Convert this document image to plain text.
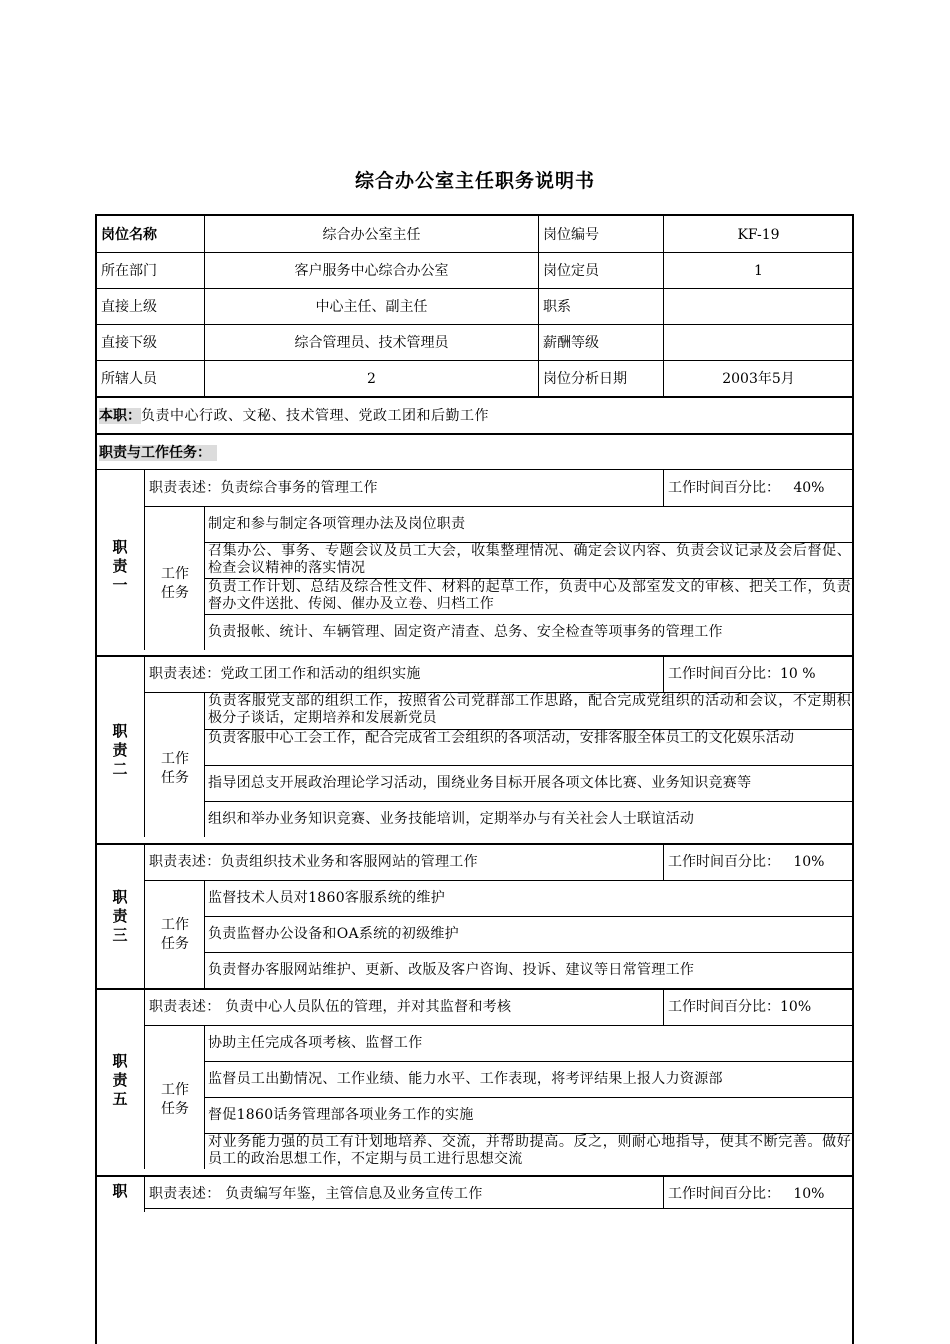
综合办公室主任职务说明书
岗位名称	综合办公室主任	岗位编号	KF-19
所在部门	客户服务中心综合办公室	岗位定员	1
直接上级	中心主任、副主任	职系
直接下级	综合管理员、技术管理员	薪酬等级
所辖人员	2	岗位分析日期	2003年5月
本职：负责中心行政、文秘、技术管理、党政工团和后勤工作
职责与工作任务：
职
责
一
职责表述：负责综合事务的管理工作	工作时间百分比：   40%
工作
任务
制定和参与制定各项管理办法及岗位职责
召集办公、事务、专题会议及员工大会，收集整理情况、确定会议内容、负责会议记录及会后督促、检查会议精神的落实情况
负责工作计划、总结及综合性文件、材料的起草工作，负责中心及部室发文的审核、把关工作，负责督办文件送批、传阅、催办及立卷、归档工作
负责报帐、统计、车辆管理、固定资产清查、总务、安全检查等项事务的管理工作
职
责
二
职责表述：党政工团工作和活动的组织实施	工作时间百分比：10 %
工作
任务
负责客服党支部的组织工作，按照省公司党群部工作思路，配合完成党组织的活动和会议，不定期积极分子谈话，定期培养和发展新党员
负责客服中心工会工作，配合完成省工会组织的各项活动，安排客服全体员工的文化娱乐活动
指导团总支开展政治理论学习活动，围绕业务目标开展各项文体比赛、业务知识竞赛等
组织和举办业务知识竞赛、业务技能培训，定期举办与有关社会人士联谊活动
职
责
三
职责表述：负责组织技术业务和客服网站的管理工作	工作时间百分比：   10%
工作
任务
监督技术人员对1860客服系统的维护
负责监督办公设备和OA系统的初级维护
负责督办客服网站维护、更新、改版及客户咨询、投诉、建议等日常管理工作
职
责
五
职责表述： 负责中心人员队伍的管理，并对其监督和考核	工作时间百分比：10%
工作
任务
协助主任完成各项考核、监督工作
监督员工出勤情况、工作业绩、能力水平、工作表现，将考评结果上报人力资源部
督促1860话务管理部各项业务工作的实施
对业务能力强的员工有计划地培养、交流，并帮助提高。反之，则耐心地指导，使其不断完善。做好员工的政治思想工作，不定期与员工进行思想交流
职	职责表述： 负责编写年鉴，主管信息及业务宣传工作	工作时间百分比：   10%
